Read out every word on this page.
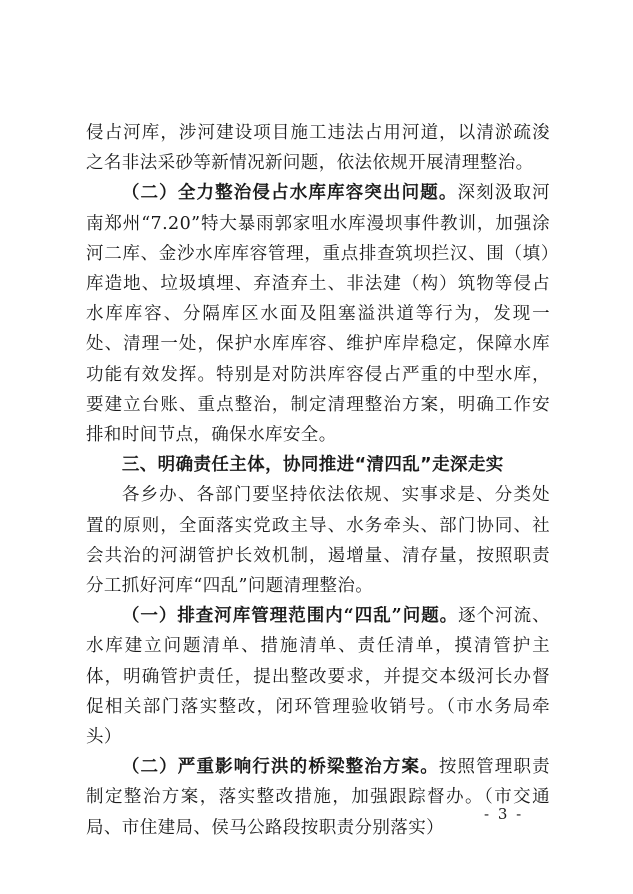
侵占河库，涉河建设项目施工违法占用河道，以清淤疏浚之名非法采砂等新情况新问题，依法依规开展清理整治。

（二）全力整治侵占水库库容突出问题。深刻汲取河南郑州“7.20”特大暴雨郭家咀水库漫坝事件教训，加强涂河二库、金沙水库库容管理，重点排查筑坝拦汉、围（填）库造地、垃圾填埋、弃渣弃土、非法建（构）筑物等侵占水库库容、分隔库区水面及阻塞溢洪道等行为，发现一处、清理一处，保护水库库容、维护库岸稳定，保障水库功能有效发挥。特别是对防洪库容侵占严重的中型水库，要建立台账、重点整治，制定清理整治方案，明确工作安排和时间节点，确保水库安全。

三、明确责任主体，协同推进“清四乱”走深走实

各乡办、各部门要坚持依法依规、实事求是、分类处置的原则，全面落实党政主导、水务牵头、部门协同、社会共治的河湖管护长效机制，遏增量、清存量，按照职责分工抓好河库“四乱”问题清理整治。

（一）排查河库管理范围内“四乱”问题。逐个河流、水库建立问题清单、措施清单、责任清单，摸清管护主体，明确管护责任，提出整改要求，并提交本级河长办督促相关部门落实整改，闭环管理验收销号。（市水务局牵头）

（二）严重影响行洪的桥梁整治方案。按照管理职责制定整治方案，落实整改措施，加强跟踪督办。（市交通局、市住建局、侯马公路段按职责分别落实）

- 3 -
